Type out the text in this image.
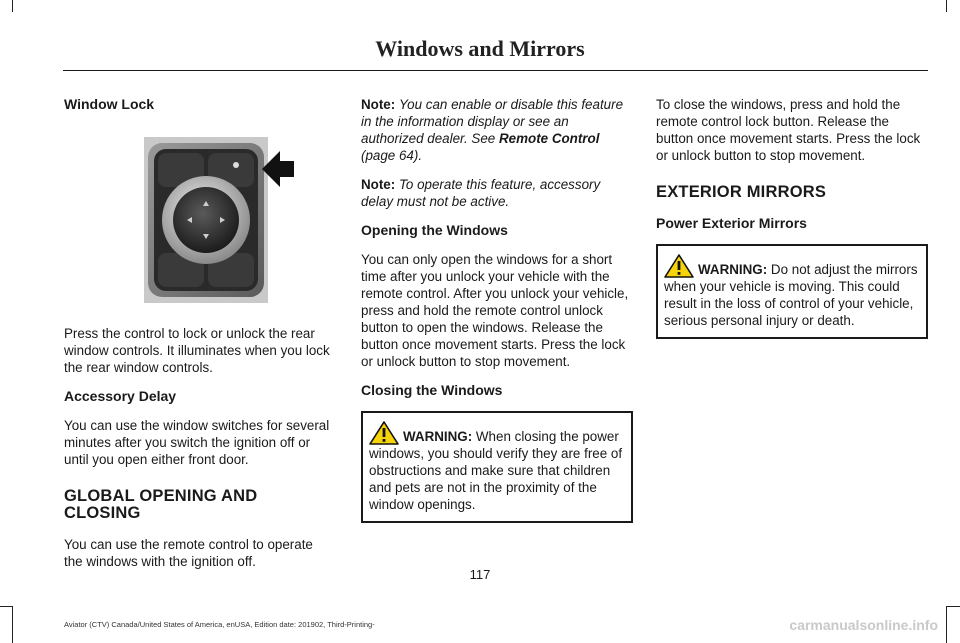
Windows and Mirrors
Window Lock

Press the control to lock or unlock the rear window controls. It illuminates when you lock the rear window controls.

Accessory Delay

You can use the window switches for several minutes after you switch the ignition off or until you open either front door.

GLOBAL OPENING AND CLOSING

You can use the remote control to operate the windows with the ignition off.

Note: You can enable or disable this feature in the information display or see an authorized dealer. See Remote Control (page 64).

Note: To operate this feature, accessory delay must not be active.

Opening the Windows

You can only open the windows for a short time after you unlock your vehicle with the remote control. After you unlock your vehicle, press and hold the remote control unlock button to open the windows. Release the button once movement starts. Press the lock or unlock button to stop movement.

Closing the Windows
WARNING: When closing the power windows, you should verify they are free of obstructions and make sure that children and pets are not in the proximity of the window openings.

To close the windows, press and hold the remote control lock button. Release the button once movement starts. Press the lock or unlock button to stop movement.

EXTERIOR MIRRORS
Power Exterior Mirrors
WARNING: Do not adjust the mirrors when your vehicle is moving. This could result in the loss of control of your vehicle, serious personal injury or death.
117
Aviator (CTV) Canada/United States of America, enUSA, Edition date: 201902, Third-Printing-	carmanualsonline.info
